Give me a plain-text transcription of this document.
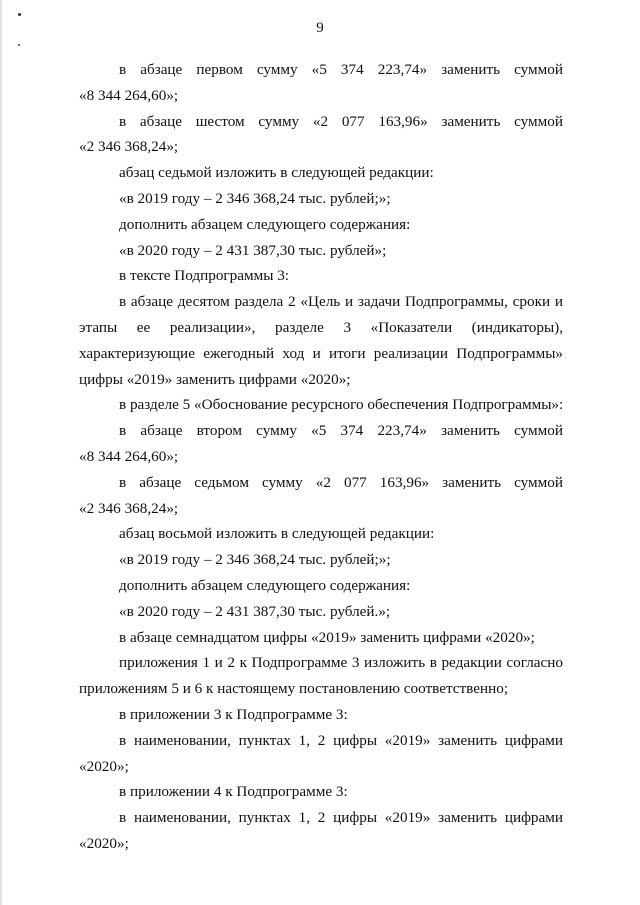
9
в абзаце первом сумму «5 374 223,74» заменить суммой
«8 344 264,60»;
в абзаце шестом сумму «2 077 163,96» заменить суммой
«2 346 368,24»;
абзац седьмой изложить в следующей редакции:
«в 2019 году – 2 346 368,24 тыс. рублей;»;
дополнить абзацем следующего содержания:
«в 2020 году – 2 431 387,30 тыс. рублей»;
в тексте Подпрограммы 3:
в абзаце десятом раздела 2 «Цель и задачи Подпрограммы, сроки и
этапы ее реализации», разделе 3 «Показатели (индикаторы),
характеризующие ежегодный ход и итоги реализации Подпрограммы»
цифры «2019» заменить цифрами «2020»;
в разделе 5 «Обоснование ресурсного обеспечения Подпрограммы»:
в абзаце втором сумму «5 374 223,74» заменить суммой
«8 344 264,60»;
в абзаце седьмом сумму «2 077 163,96» заменить суммой
«2 346 368,24»;
абзац восьмой изложить в следующей редакции:
«в 2019 году – 2 346 368,24 тыс. рублей;»;
дополнить абзацем следующего содержания:
«в 2020 году – 2 431 387,30 тыс. рублей.»;
в абзаце семнадцатом цифры «2019» заменить цифрами «2020»;
приложения 1 и 2 к Подпрограмме 3 изложить в редакции согласно
приложениям 5 и 6 к настоящему постановлению соответственно;
в приложении 3 к Подпрограмме 3:
в наименовании, пунктах 1, 2 цифры «2019» заменить цифрами
«2020»;
в приложении 4 к Подпрограмме 3:
в наименовании, пунктах 1, 2 цифры «2019» заменить цифрами
«2020»;
